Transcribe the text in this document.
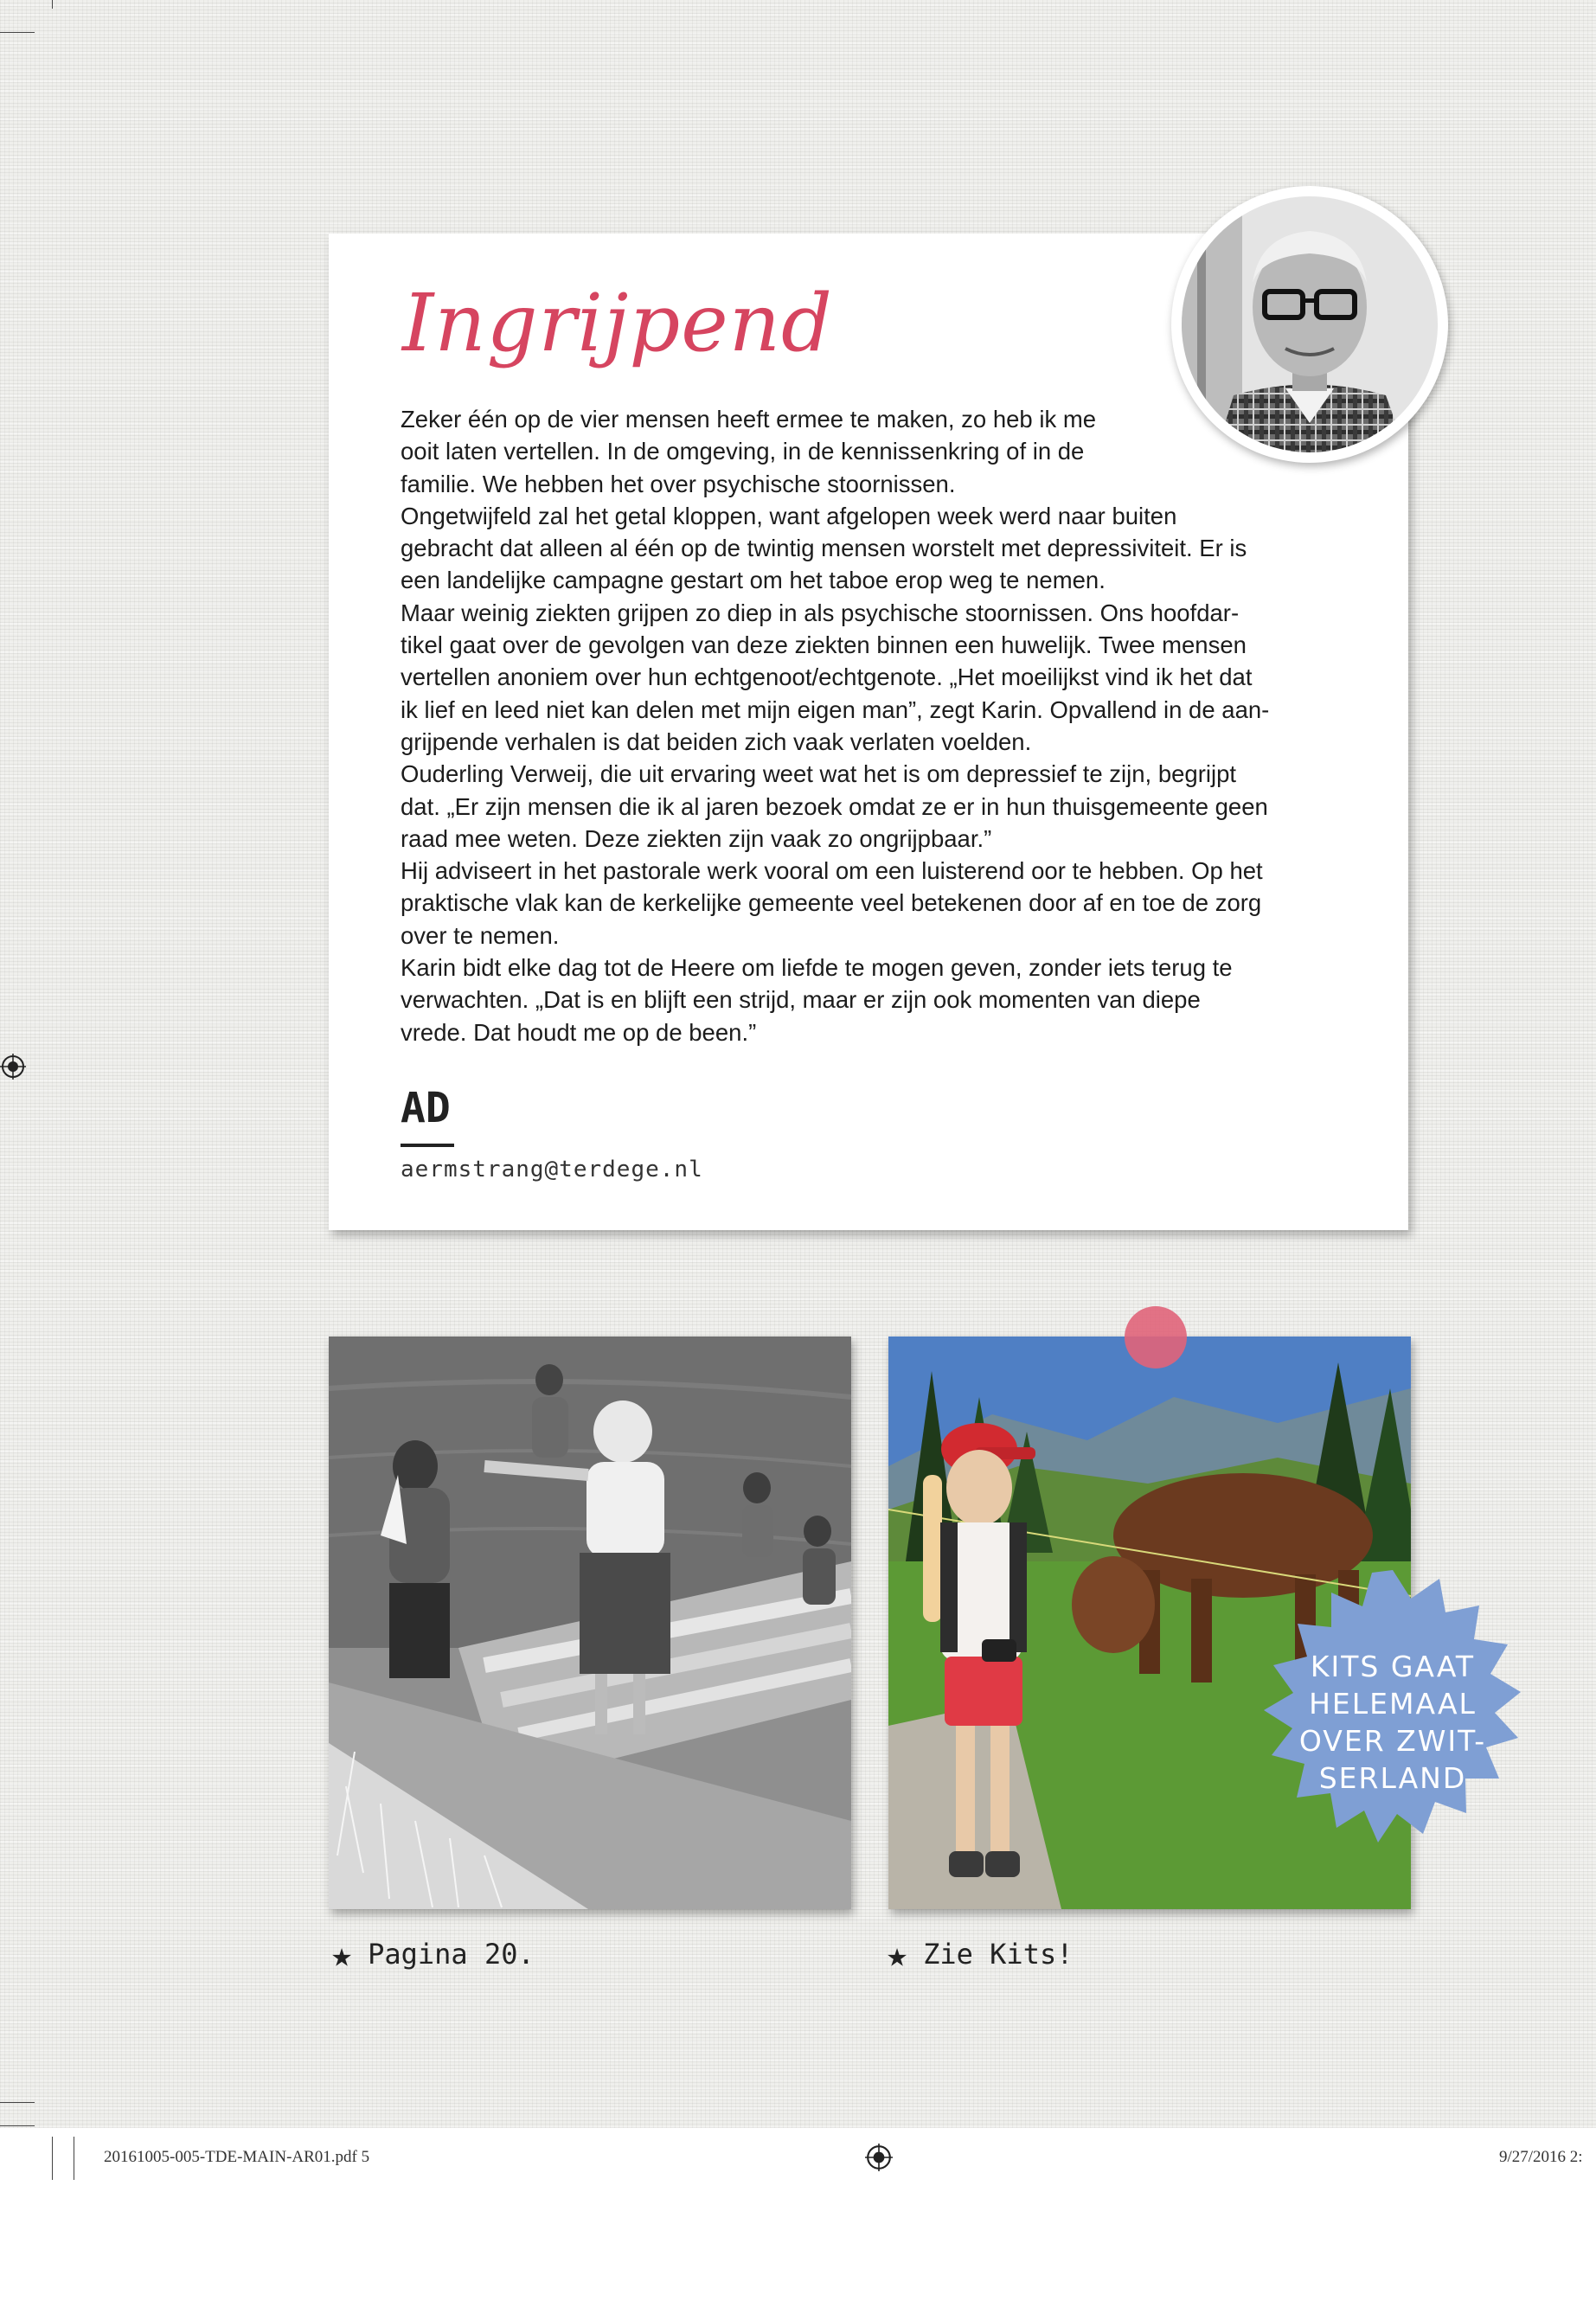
Ingrijpend
Zeker één op de vier mensen heeft ermee te maken, zo heb ik me
ooit laten vertellen. In de omgeving, in de kennissenkring of in de
familie. We hebben het over psychische stoornissen.
Ongetwijfeld zal het getal kloppen, want afgelopen week werd naar buiten
gebracht dat alleen al één op de twintig mensen worstelt met depressiviteit. Er is
een landelijke campagne gestart om het taboe erop weg te nemen.
Maar weinig ziekten grijpen zo diep in als psychische stoornissen. Ons hoofdar-
tikel gaat over de gevolgen van deze ziekten binnen een huwelijk. Twee mensen
vertellen anoniem over hun echtgenoot/echtgenote. „Het moeilijkst vind ik het dat
ik lief en leed niet kan delen met mijn eigen man”, zegt Karin. Opvallend in de aan-
grijpende verhalen is dat beiden zich vaak verlaten voelden.
Ouderling Verweij, die uit ervaring weet wat het is om depressief te zijn, begrijpt
dat. „Er zijn mensen die ik al jaren bezoek omdat ze er in hun thuisgemeente geen
raad mee weten. Deze ziekten zijn vaak zo ongrijpbaar.”
Hij adviseert in het pastorale werk vooral om een luisterend oor te hebben. Op het
praktische vlak kan de kerkelijke gemeente veel betekenen door af en toe de zorg
over te nemen.
Karin bidt elke dag tot de Heere om liefde te mogen geven, zonder iets terug te
verwachten. „Dat is en blijft een strijd, maar er zijn ook momenten van diepe
vrede. Dat houdt me op de been.”
AD
aermstrang@terdege.nl
KITS GAAT
HELEMAAL
OVER ZWIT-
SERLAND
★ Pagina 20.	★ Zie Kits!
20161005-005-TDE-MAIN-AR01.pdf 5	9/27/2016 2:
